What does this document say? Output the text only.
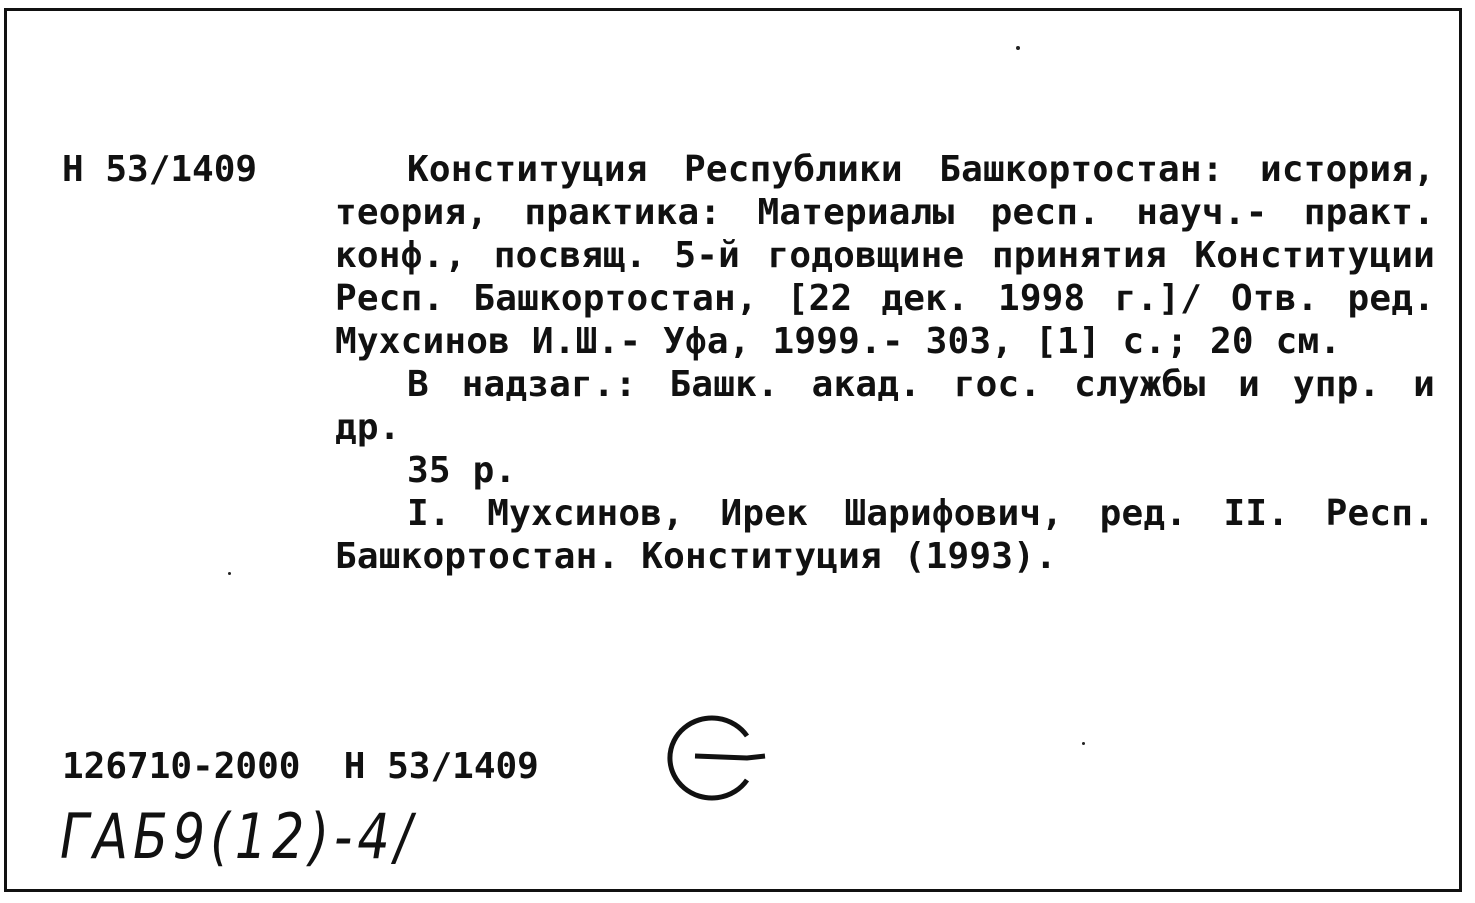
Н 53/1409	Конституция Республики Башкортостан: история, теория, практика: Материалы респ. науч.- практ. конф., посвящ. 5-й годовщине принятия Конституции Респ. Башкортостан, [22 дек. 1998 г.]/ Отв. ред. Мухсинов И.Ш.- Уфа, 1999.- 303, [1] с.; 20 см.

В надзаг.: Башк. акад. гос. службы и упр. и др.

35 р.

I. Мухсинов, Ирек Шарифович, ред. II. Респ. Башкортостан. Конституция (1993).

126710-2000 Н 53/1409
ГАБ9(12)-4/
